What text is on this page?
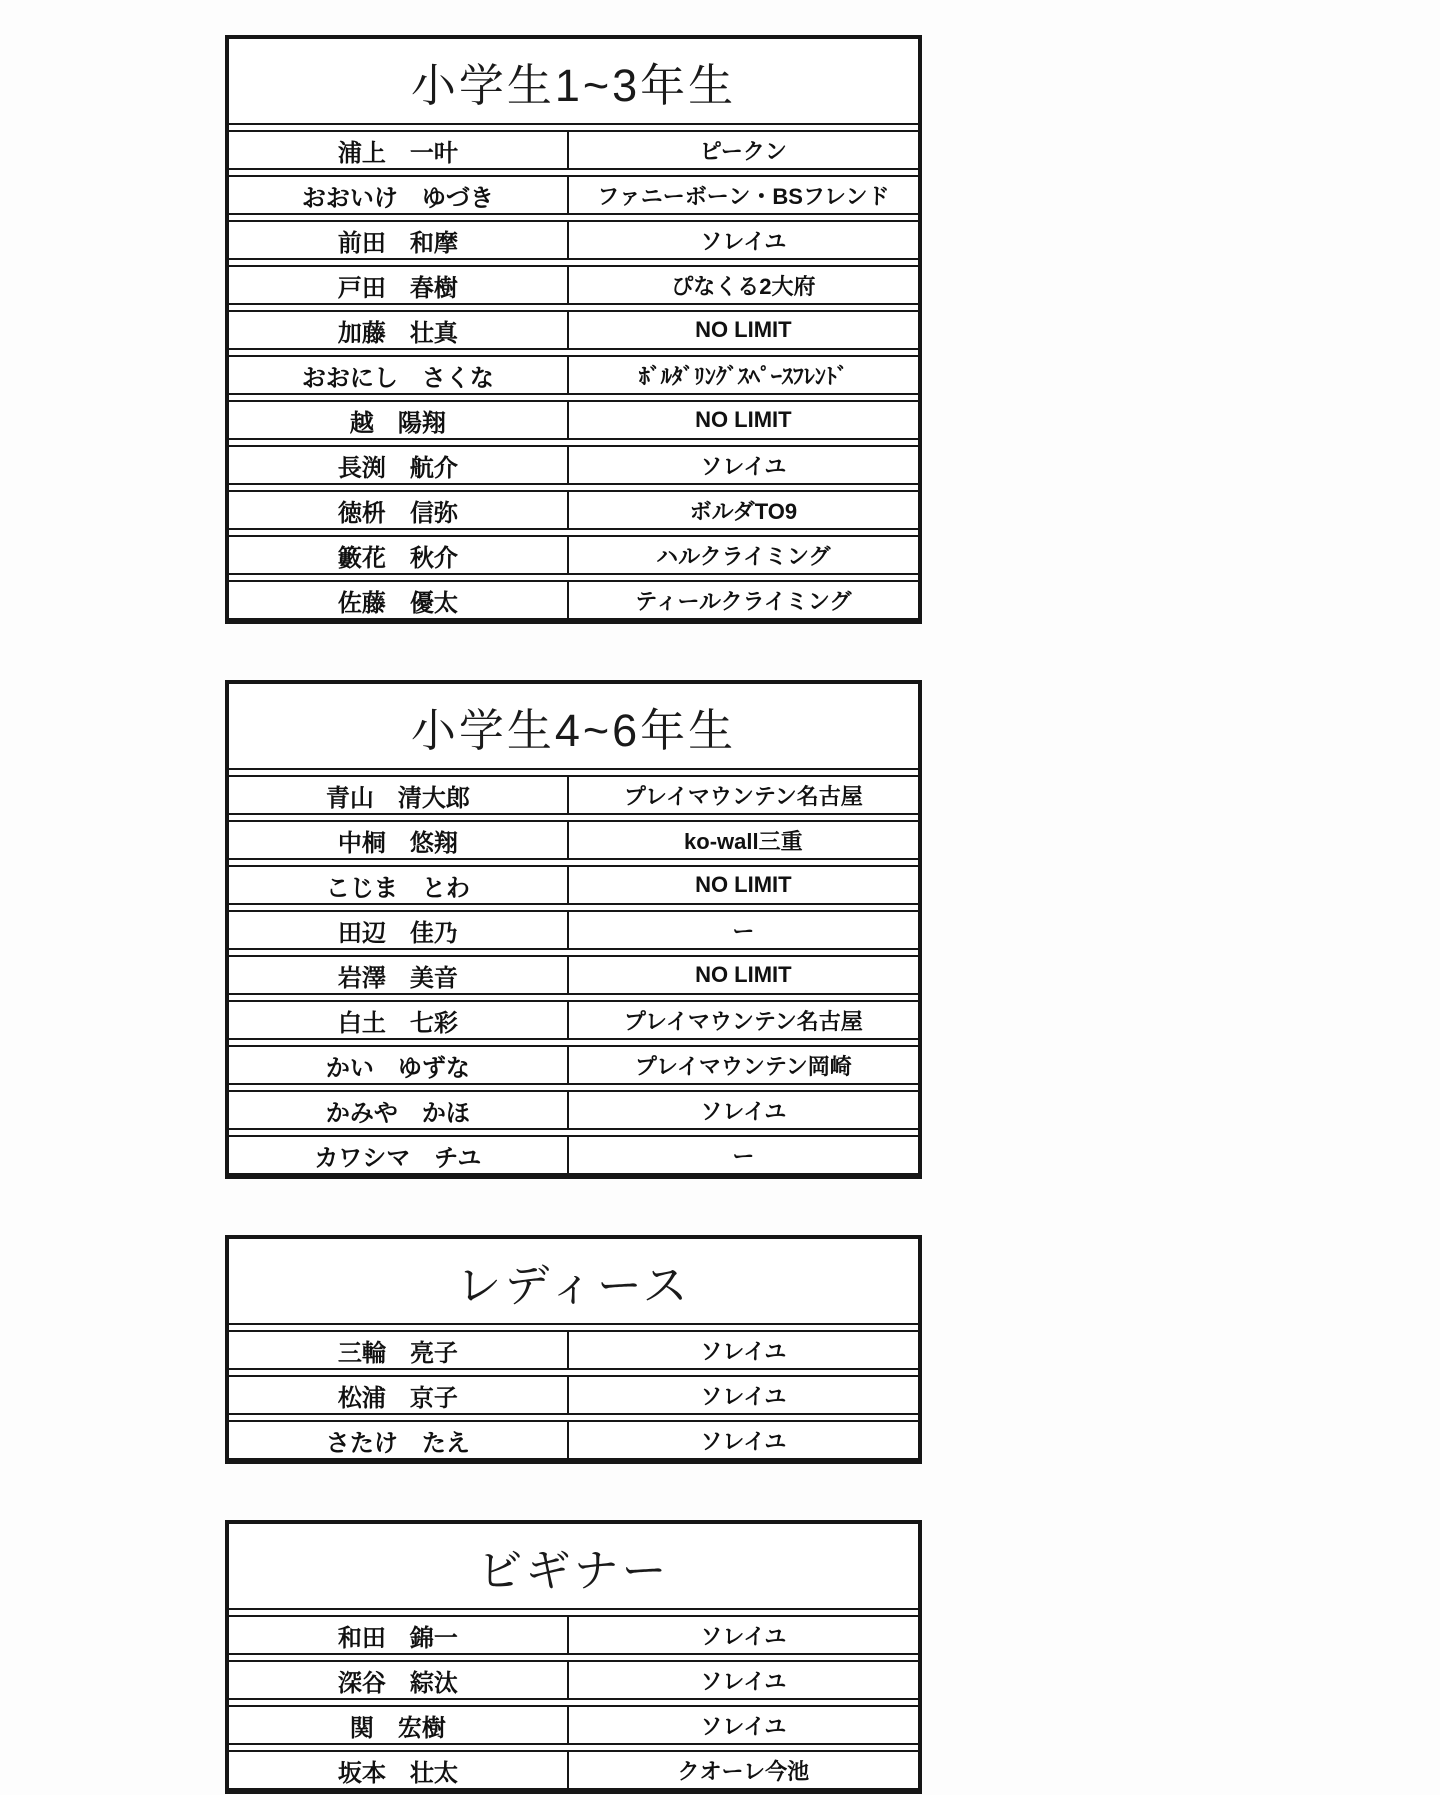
小学生1~3年生
浦上　一叶	ピークン
おおいけ　ゆづき	ファニーボーン・BSフレンド
前田　和摩	ソレイユ
戸田　春樹	ぴなくる2大府
加藤　壮真	NO LIMIT
おおにし　さくな	ﾎﾞﾙﾀﾞﾘﾝｸﾞｽﾍﾟｰｽﾌﾚﾝﾄﾞ
越　陽翔	NO LIMIT
長渕　航介	ソレイユ
徳枡　信弥	ボルダTO9
籔花　秋介	ハルクライミング
佐藤　優太	ティールクライミング
小学生4~6年生
青山　清大郎	プレイマウンテン名古屋
中桐　悠翔	ko-wall三重
こじま　とわ	NO LIMIT
田辺　佳乃	ー
岩澤　美音	NO LIMIT
白土　七彩	プレイマウンテン名古屋
かい　ゆずな	プレイマウンテン岡崎
かみや　かほ	ソレイユ
カワシマ　チユ	ー
レディース
三輪　亮子	ソレイユ
松浦　京子	ソレイユ
さたけ　たえ	ソレイユ
ビギナー
和田　錦一	ソレイユ
深谷　綜汰	ソレイユ
関　宏樹	ソレイユ
坂本　壮太	クオーレ今池
